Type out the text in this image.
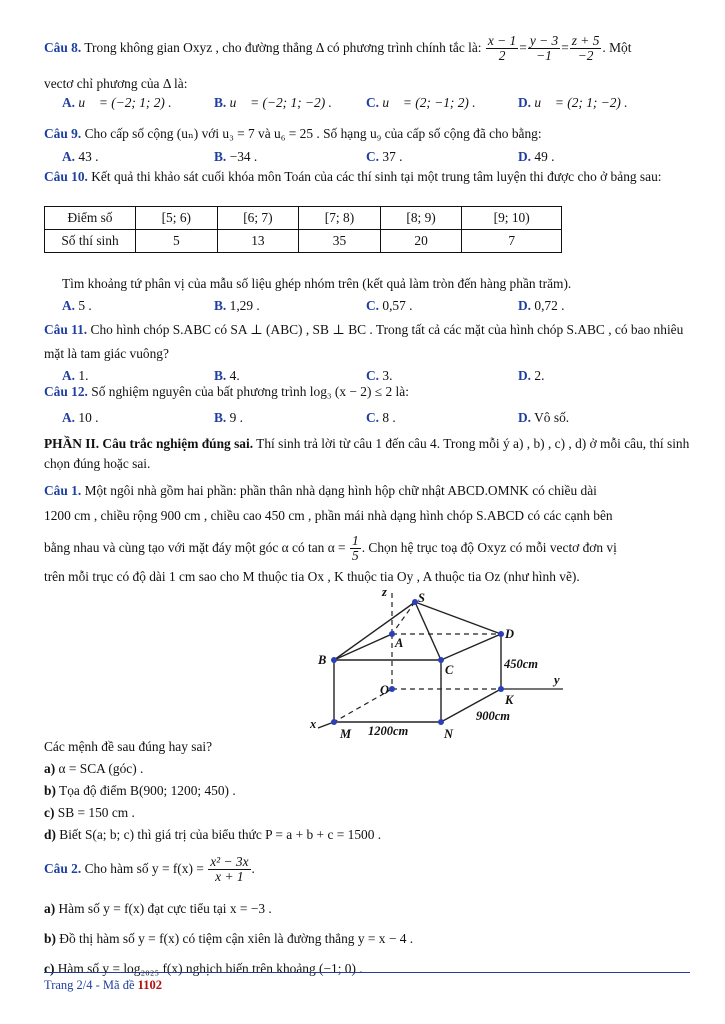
Câu 8. Trong không gian Oxyz , cho đường thẳng Δ có phương trình chính tắc là: $\frac{x - 1}{2} = \frac{y - 3}{-1} = \frac{z + 5}{-2}$ . Một
vectơ chỉ phương của Δ là:
A. u⃗ = (−2; 1; 2) .	B. u⃗ = (−2; 1; −2) .	C. u⃗ = (2; −1; 2) .	D. u⃗ = (2; 1; −2) .
Câu 9. Cho cấp số cộng (uₙ) với u₃ = 7 và u₆ = 25 . Số hạng u₉ của cấp số cộng đã cho bằng:
A. 43 .	B. −34 .	C. 37 .	D. 49 .
Câu 10. Kết quả thi khảo sát cuối khóa môn Toán của các thí sinh tại một trung tâm luyện thi được cho ở bảng sau:
Điểm số	[5; 6)	[6; 7)	[7; 8)	[8; 9)	[9; 10)
Số thí sinh	5	13	35	20	7
Tìm khoảng tứ phân vị của mẫu số liệu ghép nhóm trên (kết quả làm tròn đến hàng phần trăm).
A. 5 .	B. 1,29 .	C. 0,57 .	D. 0,72 .
Câu 11. Cho hình chóp S.ABC có SA ⊥ (ABC) , SB ⊥ BC . Trong tất cả các mặt của hình chóp S.ABC , có bao nhiêu mặt là tam giác vuông?
A. 1.	B. 4.	C. 3.	D. 2.
Câu 12. Số nghiệm nguyên của bất phương trình log₃ (x − 2) ≤ 2 là:
A. 10 .	B. 9 .	C. 8 .	D. Vô số.
PHẦN II. Câu trắc nghiệm đúng sai. Thí sinh trả lời từ câu 1 đến câu 4. Trong mỗi ý a) , b) , c) , d) ở mỗi câu, thí sinh chọn đúng hoặc sai.
Câu 1. Một ngôi nhà gồm hai phần: phần thân nhà dạng hình hộp chữ nhật ABCD.OMNK có chiều dài
1200 cm , chiều rộng 900 cm , chiều cao 450 cm , phần mái nhà dạng hình chóp S.ABCD có các cạnh bên
bằng nhau và cùng tạo với mặt đáy một góc α có $\tan \alpha = \frac{1}{5}$ . Chọn hệ trục toạ độ Oxyz có mỗi vectơ đơn vị
trên mỗi trục có độ dài 1 cm sao cho M thuộc tia Ox , K thuộc tia Oy , A thuộc tia Oz (như hình vẽ).
z S
A
D
B
C
O
y
K
x
M	N
450cm
1200cm
900cm
Các mệnh đề sau đúng hay sai?
a) α = SCA (góc) .
b) Tọa độ điểm B(900; 1200; 450) .
c) SB = 150 cm .
d) Biết S(a; b; c) thì giá trị của biểu thức P = a + b + c = 1500 .
Câu 2. Cho hàm số $y = f(x) = \frac{\text{x² − 3x}}{x + 1}$ .
a) Hàm số y = f(x) đạt cực tiểu tại x = −3 .
b) Đồ thị hàm số y = f(x) có tiệm cận xiên là đường thẳng y = x − 4 .
c) Hàm số y = log₂₀₂₅ f(x) nghịch biến trên khoảng (−1; 0) .
Trang 2/4 - Mã đề 1102
